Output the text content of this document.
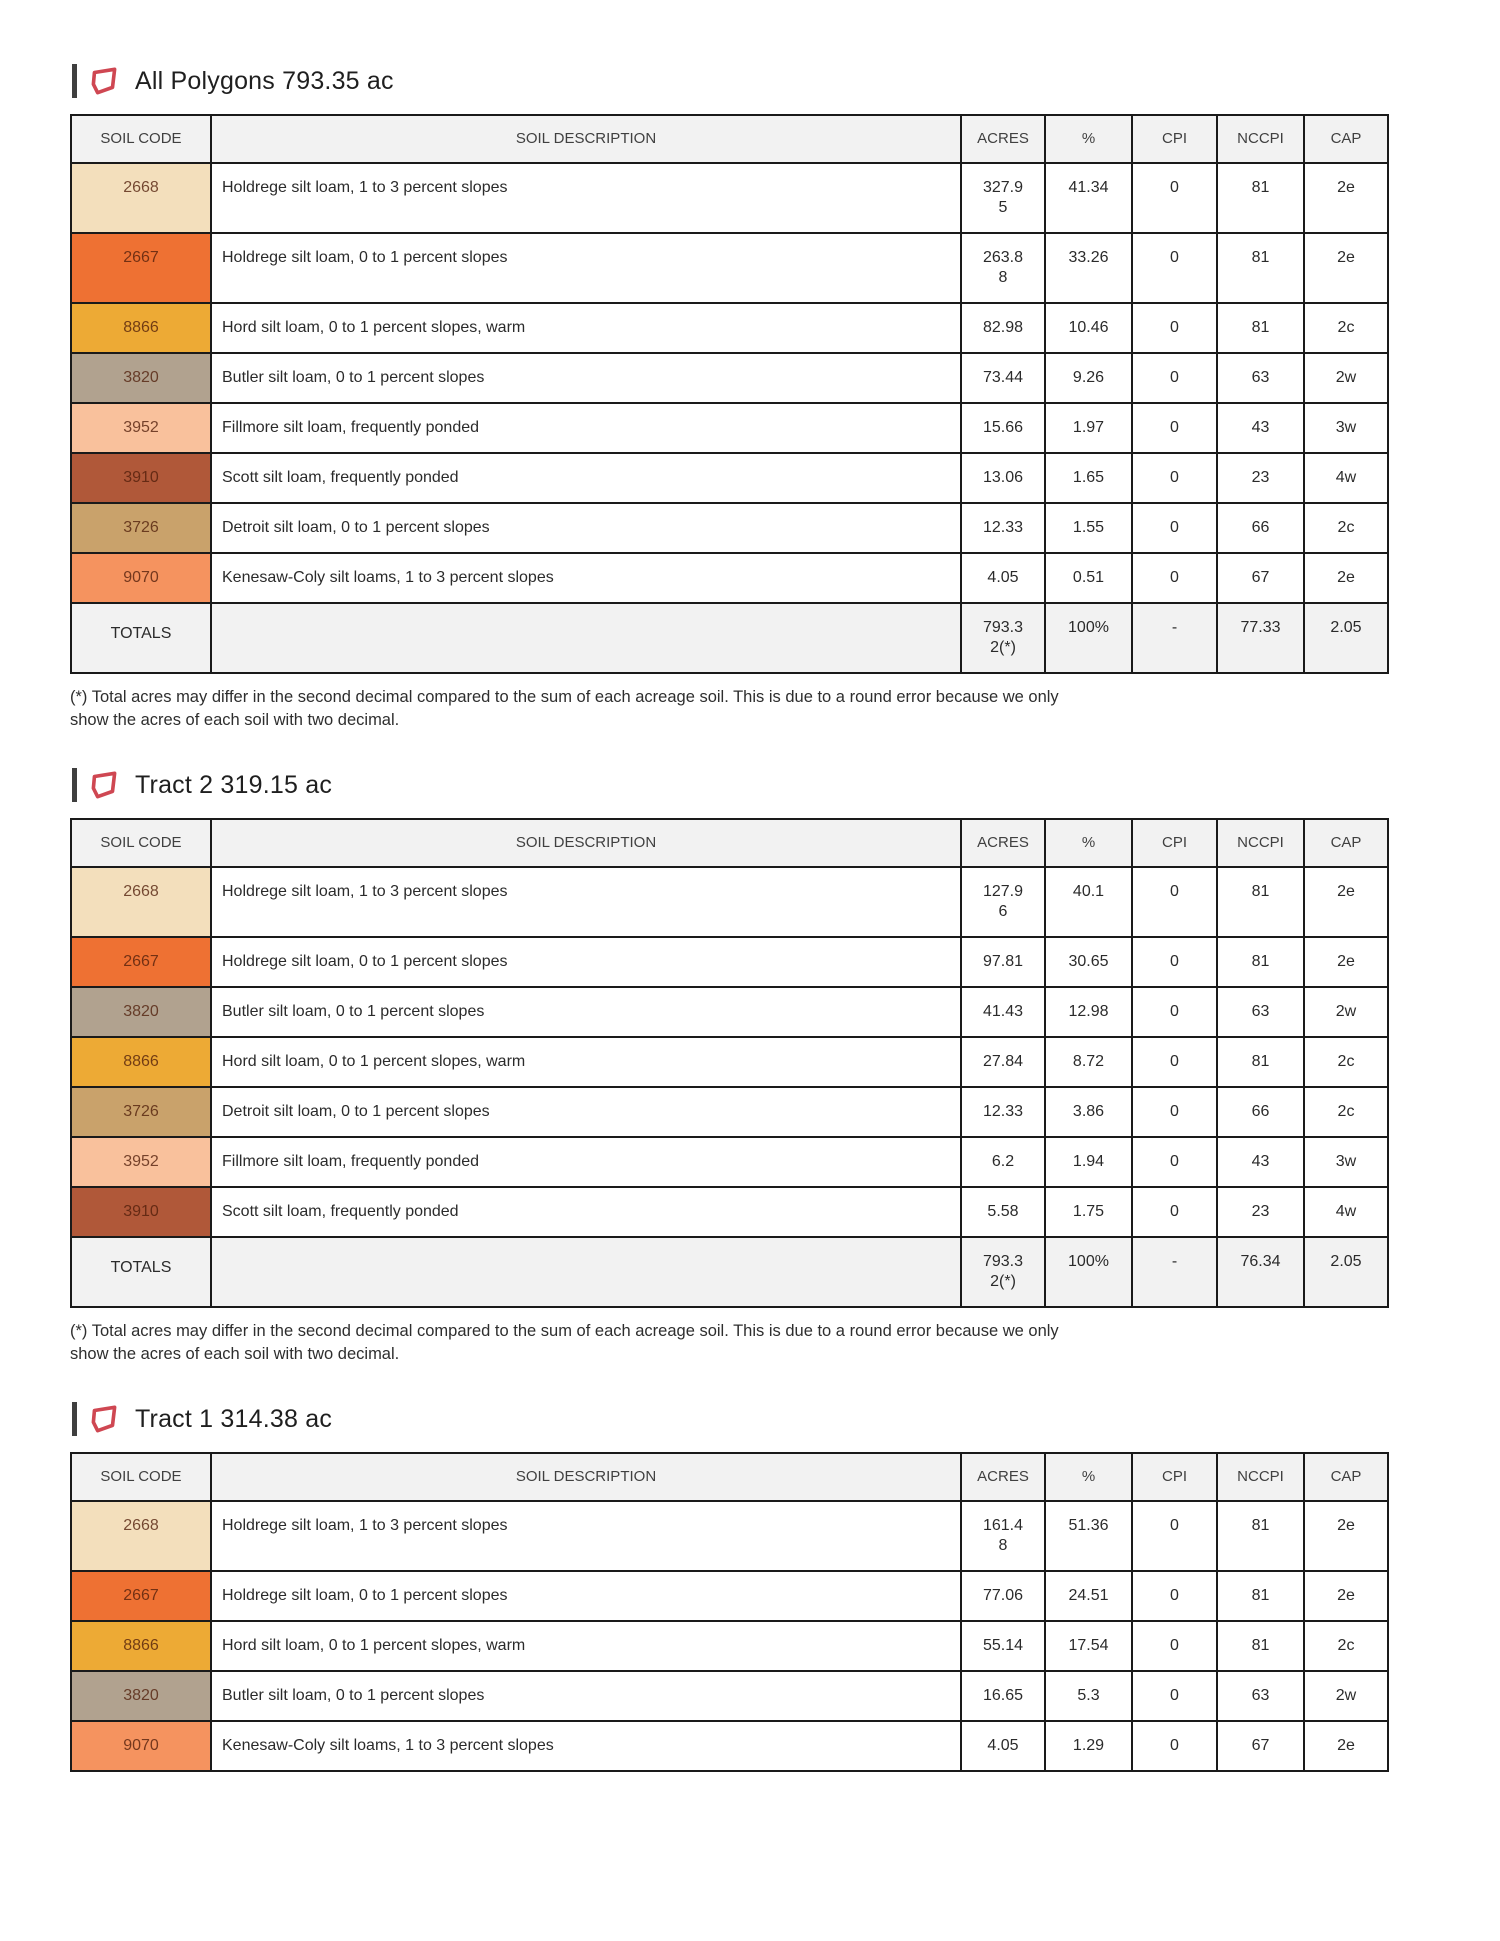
All Polygons 793.35 ac
SOIL CODE	SOIL DESCRIPTION	ACRES	%	CPI	NCCPI	CAP
2668	Holdrege silt loam, 1 to 3 percent slopes	327.95	41.34	0	81	2e
2667	Holdrege silt loam, 0 to 1 percent slopes	263.88	33.26	0	81	2e
8866	Hord silt loam, 0 to 1 percent slopes, warm	82.98	10.46	0	81	2c
3820	Butler silt loam, 0 to 1 percent slopes	73.44	9.26	0	63	2w
3952	Fillmore silt loam, frequently ponded	15.66	1.97	0	43	3w
3910	Scott silt loam, frequently ponded	13.06	1.65	0	23	4w
3726	Detroit silt loam, 0 to 1 percent slopes	12.33	1.55	0	66	2c
9070	Kenesaw-Coly silt loams, 1 to 3 percent slopes	4.05	0.51	0	67	2e
TOTALS		793.32(*)	100%	-	77.33	2.05
(*) Total acres may differ in the second decimal compared to the sum of each acreage soil. This is due to a round error because we only
show the acres of each soil with two decimal.
Tract 2 319.15 ac
SOIL CODE	SOIL DESCRIPTION	ACRES	%	CPI	NCCPI	CAP
2668	Holdrege silt loam, 1 to 3 percent slopes	127.96	40.1	0	81	2e
2667	Holdrege silt loam, 0 to 1 percent slopes	97.81	30.65	0	81	2e
3820	Butler silt loam, 0 to 1 percent slopes	41.43	12.98	0	63	2w
8866	Hord silt loam, 0 to 1 percent slopes, warm	27.84	8.72	0	81	2c
3726	Detroit silt loam, 0 to 1 percent slopes	12.33	3.86	0	66	2c
3952	Fillmore silt loam, frequently ponded	6.2	1.94	0	43	3w
3910	Scott silt loam, frequently ponded	5.58	1.75	0	23	4w
TOTALS		793.32(*)	100%	-	76.34	2.05
(*) Total acres may differ in the second decimal compared to the sum of each acreage soil. This is due to a round error because we only
show the acres of each soil with two decimal.
Tract 1 314.38 ac
SOIL CODE	SOIL DESCRIPTION	ACRES	%	CPI	NCCPI	CAP
2668	Holdrege silt loam, 1 to 3 percent slopes	161.48	51.36	0	81	2e
2667	Holdrege silt loam, 0 to 1 percent slopes	77.06	24.51	0	81	2e
8866	Hord silt loam, 0 to 1 percent slopes, warm	55.14	17.54	0	81	2c
3820	Butler silt loam, 0 to 1 percent slopes	16.65	5.3	0	63	2w
9070	Kenesaw-Coly silt loams, 1 to 3 percent slopes	4.05	1.29	0	67	2e
